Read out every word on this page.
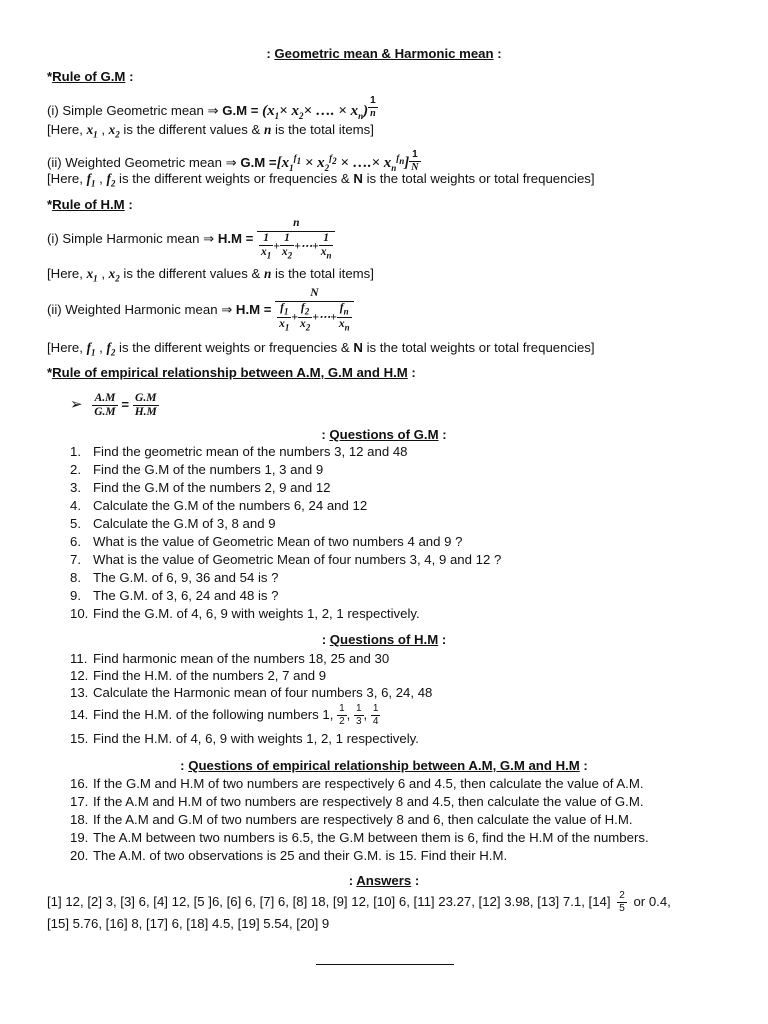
: Geometric mean & Harmonic mean :
*Rule of G.M :
(i) Simple Geometric mean ⇒ $G.M = (x_1\times x_2\times$ …. × $x_n) \frac{1}{n}$
[Here, $x_1$ , $x_2$ is the different values & n is the total items]
(ii) Weighted Geometric mean ⇒ $G.M =[x_1^{f_1} \times x_2^{f_2}$ × ….× $x_n^{f_n}] \frac{1}{N}$
[Here, $f_1$ , $f_2$ is the different weights or frequencies & N is the total weights or total frequencies]
*Rule of H.M :
(i) Simple Harmonic mean ⇒ $H.M = \frac{n}{\frac{1}{x_1} + \frac{1}{x_2} +\cdots+ \frac{1}{x_n}}$
[Here, $x_1$ , $x_2$ is the different values & n is the total items]
(ii) Weighted Harmonic mean ⇒ $H.M = \frac{N}{\frac{f_1}{x_1} + \frac{f_2}{x_2} +\cdots+ \frac{f_n}{x_n}}$
[Here, $f_1$ , $f_2$ is the different weights or frequencies & N is the total weights or total frequencies]
*Rule of empirical relationship between A.M, G.M and H.M :
➢ $\frac{A.M}{G.M} = \frac{G.M}{H.M}$
: Questions of G.M :
1. Find the geometric mean of the numbers 3, 12 and 48
2. Find the G.M of the numbers 1, 3 and 9
3. Find the G.M of the numbers 2, 9 and 12
4. Calculate the G.M of the numbers 6, 24 and 12
5. Calculate the G.M of 3, 8 and 9
6. What is the value of Geometric Mean of two numbers 4 and 9 ?
7. What is the value of Geometric Mean of four numbers 3, 4, 9 and 12 ?
8. The G.M. of 6, 9, 36 and 54 is ?
9. The G.M. of 3, 6, 24 and 48 is ?
10. Find the G.M. of 4, 6, 9 with weights 1, 2, 1 respectively.
: Questions of H.M :
11. Find harmonic mean of the numbers 18, 25 and 30
12. Find the H.M. of the numbers 2, 7 and 9
13. Calculate the Harmonic mean of four numbers 3, 6, 24, 48
14. Find the H.M. of the following numbers 1, $\frac{1}{2}$ , $\frac{1}{3}$ , $\frac{1}{4}$
15. Find the H.M. of 4, 6, 9 with weights 1, 2, 1 respectively.
: Questions of empirical relationship between A.M, G.M and H.M :
16. If the G.M and H.M of two numbers are respectively 6 and 4.5, then calculate the value of A.M.
17. If the A.M and H.M of two numbers are respectively 8 and 4.5, then calculate the value of G.M.
18. If the A.M and G.M of two numbers are respectively 8 and 6, then calculate the value of H.M.
19. The A.M between two numbers is 6.5, the G.M between them is 6, find the H.M of the numbers.
20. The A.M. of two observations is 25 and their G.M. is 15. Find their H.M.
: Answers :
[1] 12, [2] 3, [3] 6, [4] 12, [5 ]6, [6] 6, [7] 6, [8] 18, [9] 12, [10] 6, [11] 23.27, [12] 3.98, [13] 7.1, $[14] \frac{2}{5}$ or 0.4,
[15] 5.76, [16] 8, [17] 6, [18] 4.5, [19] 5.54, [20] 9
